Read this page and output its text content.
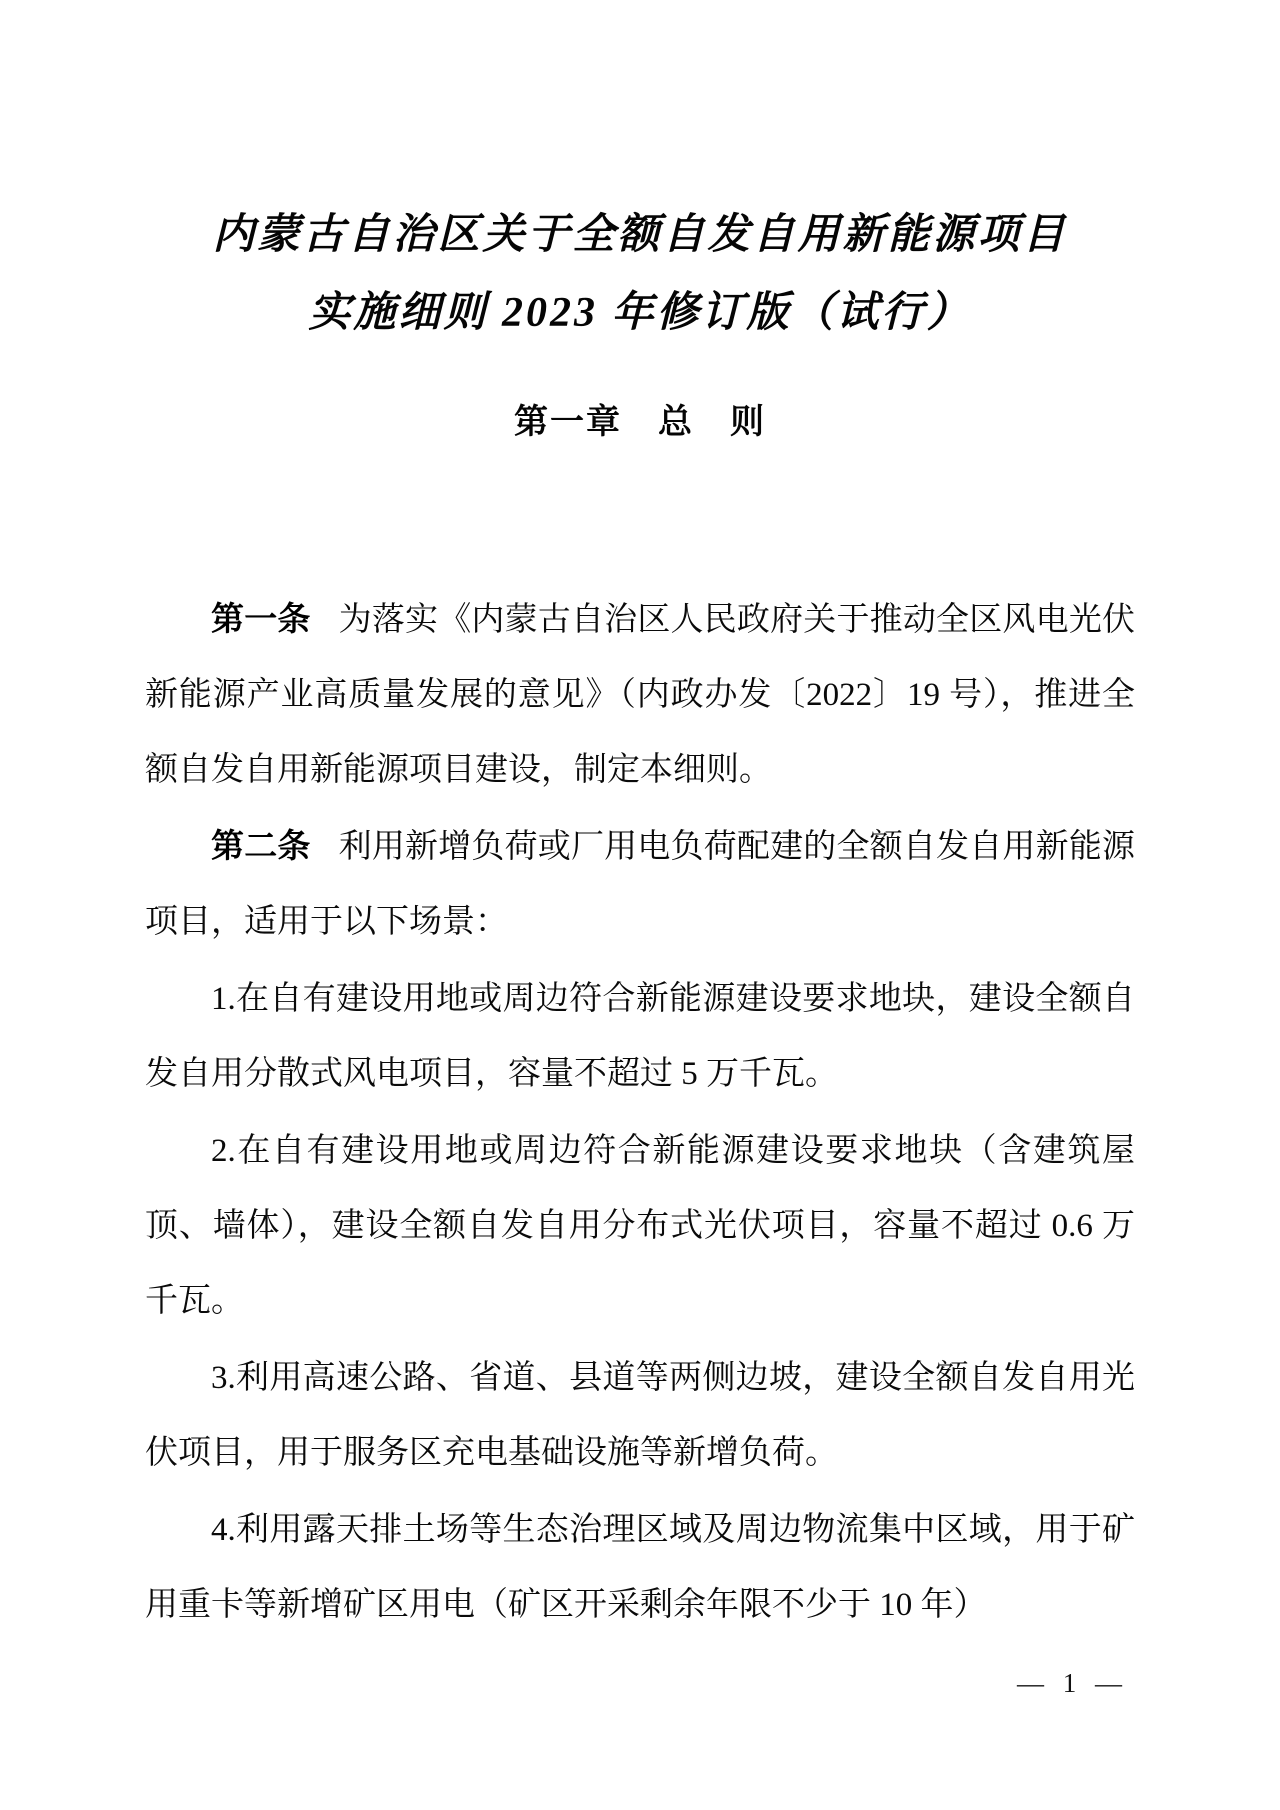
内蒙古自治区关于全额自发自用新能源项目
实施细则 2023 年修订版（试行）
第一章　总　则

第一条 为落实《内蒙古自治区人民政府关于推动全区风电光伏新能源产业高质量发展的意见》（内政办发〔2022〕19 号），推进全额自发自用新能源项目建设，制定本细则。

第二条 利用新增负荷或厂用电负荷配建的全额自发自用新能源项目，适用于以下场景：

1.在自有建设用地或周边符合新能源建设要求地块，建设全额自发自用分散式风电项目，容量不超过 5 万千瓦。

2.在自有建设用地或周边符合新能源建设要求地块（含建筑屋顶、墙体），建设全额自发自用分布式光伏项目，容量不超过 0.6 万千瓦。

3.利用高速公路、省道、县道等两侧边坡，建设全额自发自用光伏项目，用于服务区充电基础设施等新增负荷。

4.利用露天排土场等生态治理区域及周边物流集中区域，用于矿用重卡等新增矿区用电（矿区开采剩余年限不少于 10 年）

— 1 —
